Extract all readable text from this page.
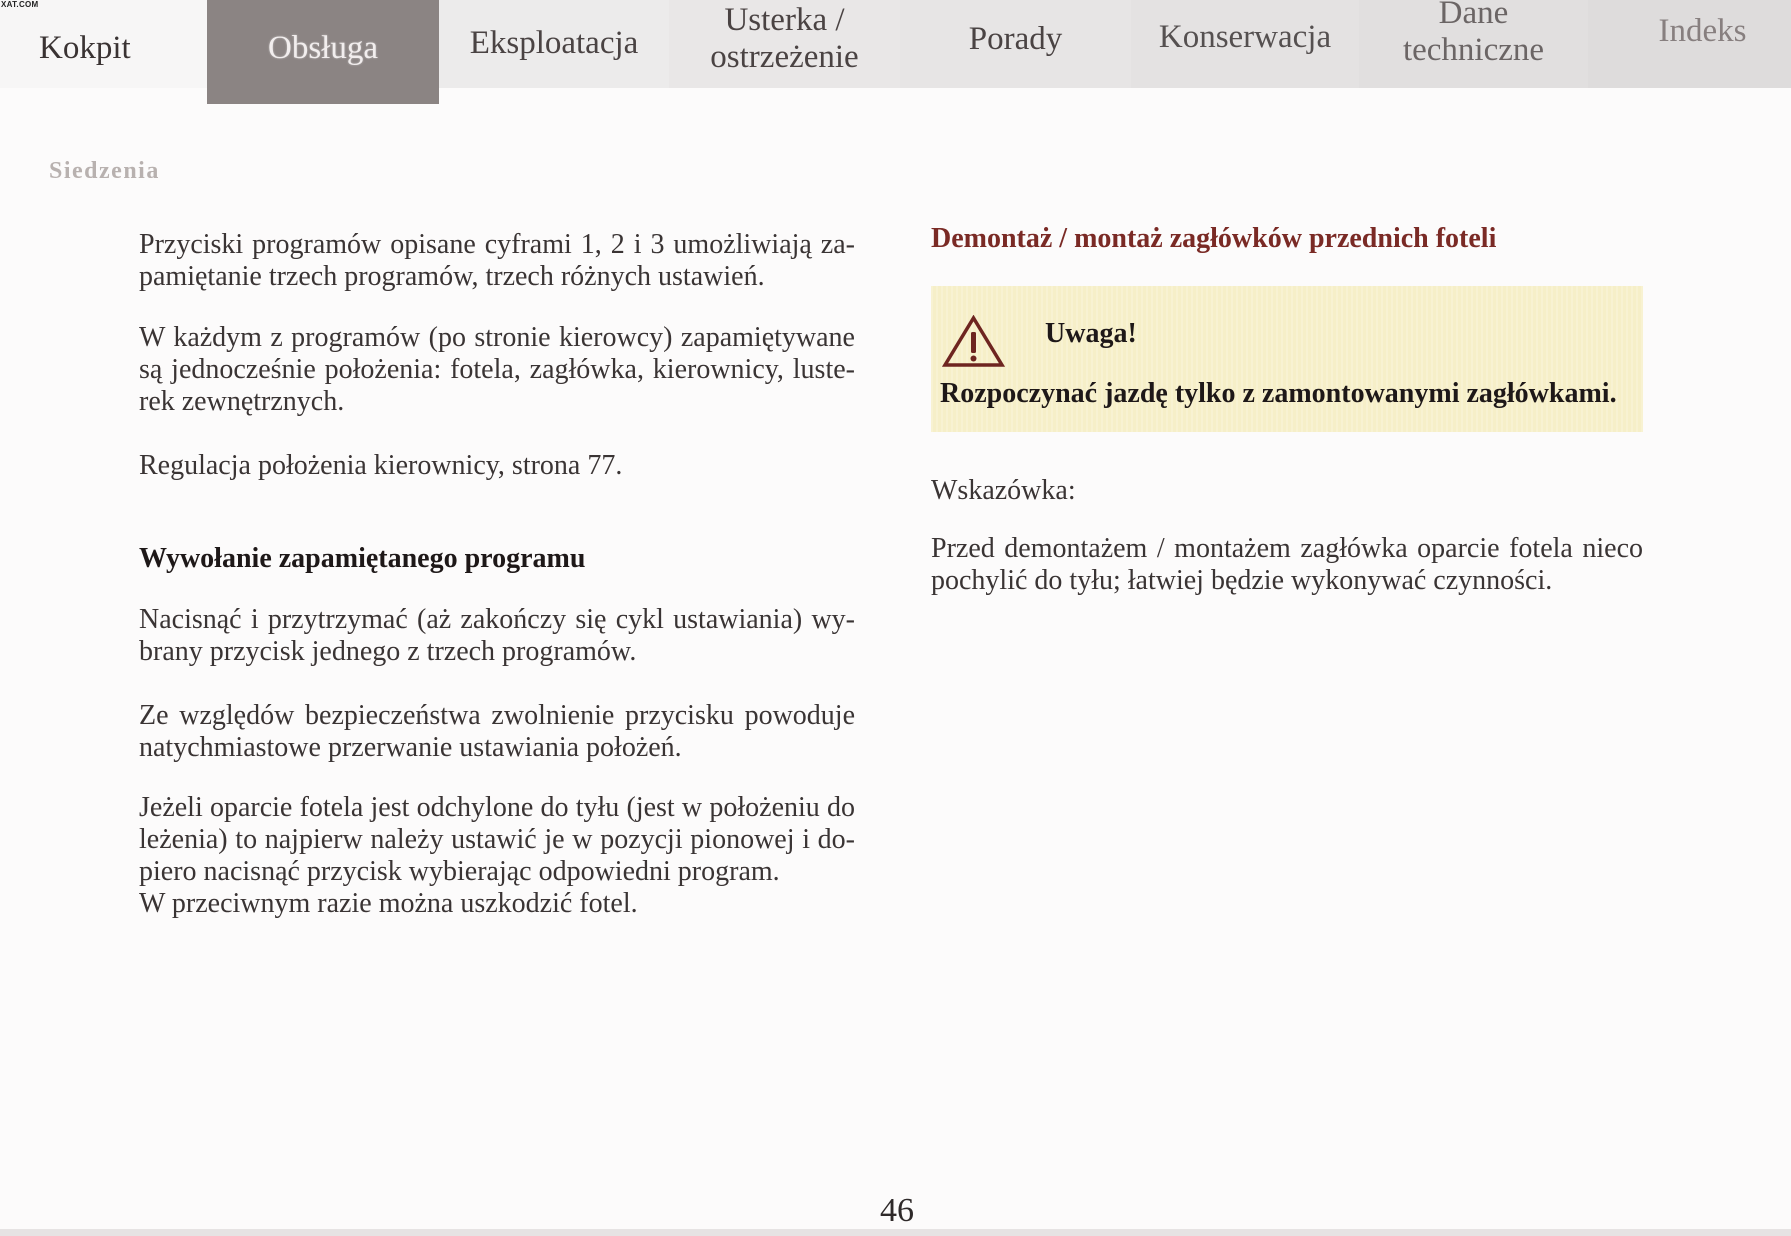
XAT.COM
Kokpit	Obsługa	Eksploatacja
Usterka /
ostrzeżenie
Porady	Konserwacja
Dane
techniczne
Indeks
Siedzenia
Przyciski programów opisane cyframi 1, 2 i 3 umożliwiają za-
pamiętanie trzech programów, trzech różnych ustawień.
W każdym z programów (po stronie kierowcy) zapamiętywane
są jednocześnie położenia: fotela, zagłówka, kierownicy, luste-
rek zewnętrznych.
Regulacja położenia kierownicy, strona 77.
Wywołanie zapamiętanego programu
Nacisnąć i przytrzymać (aż zakończy się cykl ustawiania) wy-
brany przycisk jednego z trzech programów.
Ze względów bezpieczeństwa zwolnienie przycisku powoduje
natychmiastowe przerwanie ustawiania położeń.
Jeżeli oparcie fotela jest odchylone do tyłu (jest w położeniu do
leżenia) to najpierw należy ustawić je w pozycji pionowej i do-
piero nacisnąć przycisk wybierając odpowiedni program.
W przeciwnym razie można uszkodzić fotel.
Demontaż / montaż zagłówków przednich foteli
Uwaga!
Rozpoczynać jazdę tylko z zamontowanymi zagłówkami.
Wskazówka:
Przed demontażem / montażem zagłówka oparcie fotela nieco
pochylić do tyłu; łatwiej będzie wykonywać czynności.
46
